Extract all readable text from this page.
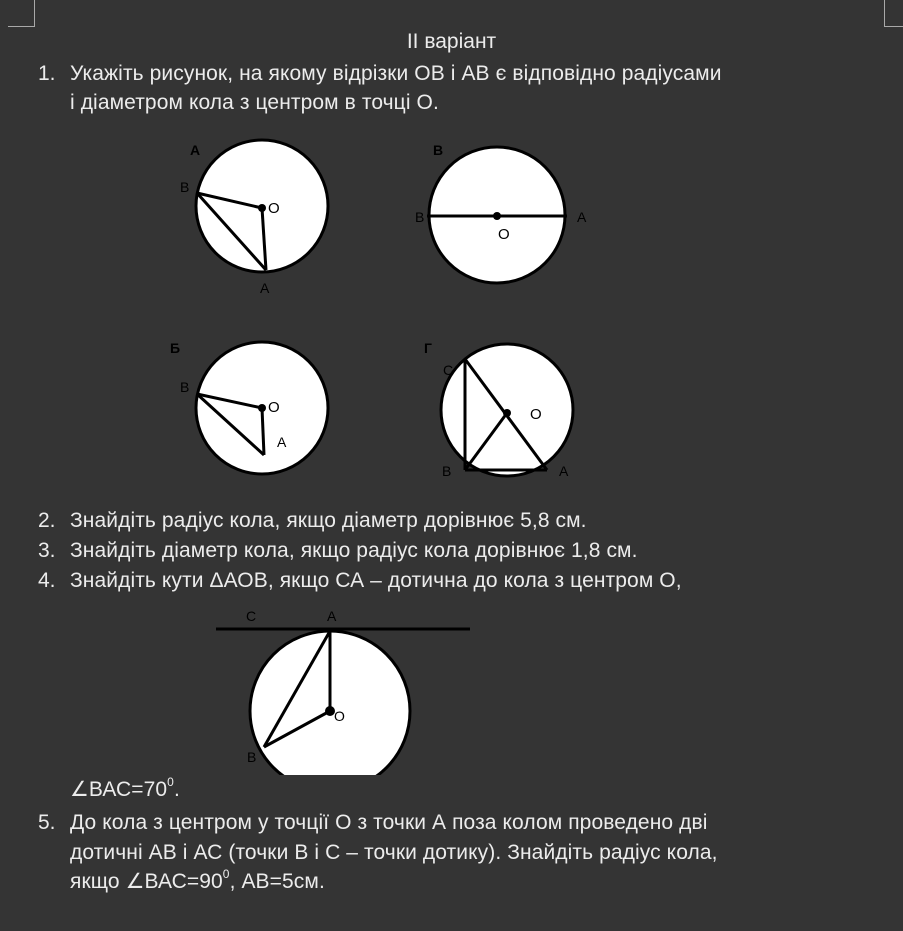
II варіант
1. Укажіть рисунок, на якому відрізки ОВ і АВ є відповідно радіусами
і діаметром кола з центром в точці О.
А
B
O
A
В
B
O
A
Б
B
O
A
Г
C
O
B	A
2. Знайдіть радіус кола, якщо діаметр дорівнює 5,8 см.
3. Знайдіть діаметр кола, якщо радіус кола дорівнює 1,8 см.
4. Знайдіть кути ΔАОВ, якщо СА – дотична до кола з центром О,
C	A
O
B
$\angle ВАС=70^0$.
5. До кола з центром у точції О з точки А поза колом проведено дві
дотичні АВ і АС (точки В і С – точки дотику). Знайдіть радіус кола,
якщо $\angle ВАС=90^0$, АВ=5см.
